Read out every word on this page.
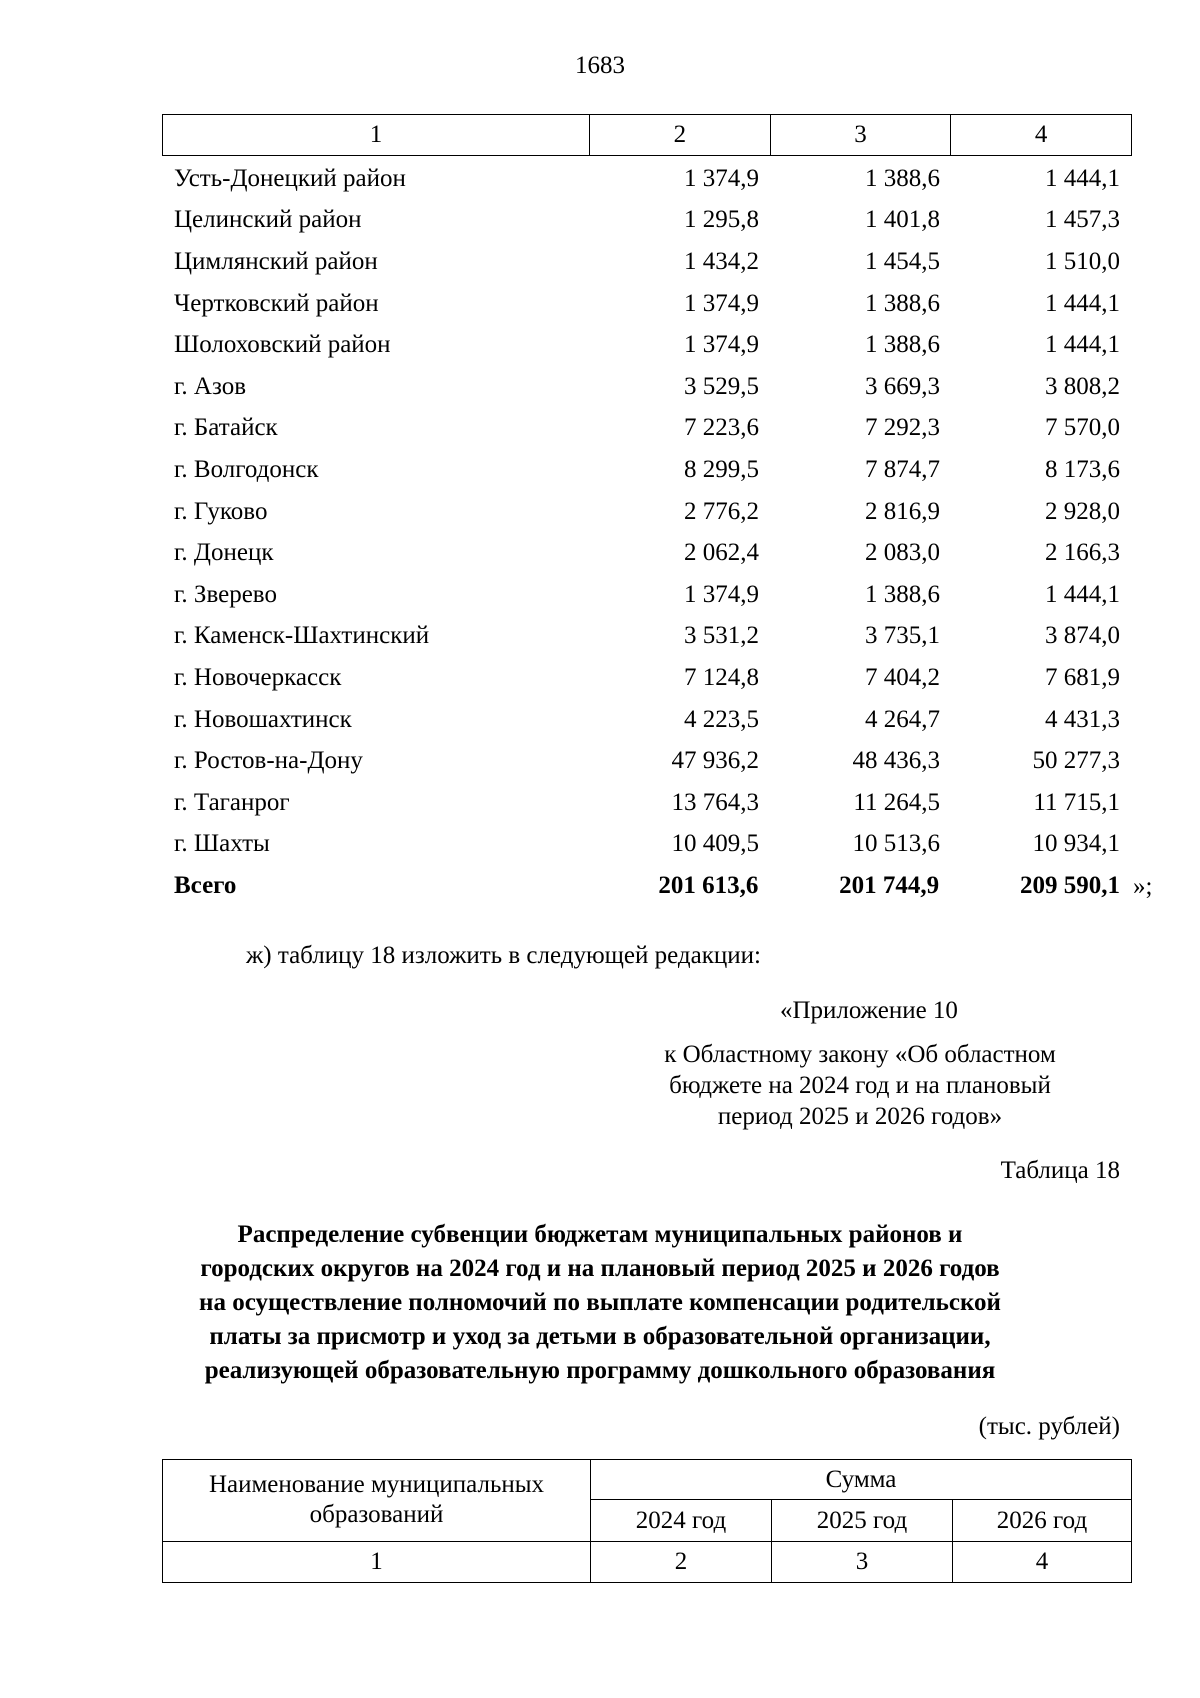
1683
1	2	3	4
Усть-Донецкий район	1 374,9	1 388,6	1 444,1
Целинский район	1 295,8	1 401,8	1 457,3
Цимлянский район	1 434,2	1 454,5	1 510,0
Чертковский район	1 374,9	1 388,6	1 444,1
Шолоховский район	1 374,9	1 388,6	1 444,1
г. Азов	3 529,5	3 669,3	3 808,2
г. Батайск	7 223,6	7 292,3	7 570,0
г. Волгодонск	8 299,5	7 874,7	8 173,6
г. Гуково	2 776,2	2 816,9	2 928,0
г. Донецк	2 062,4	2 083,0	2 166,3
г. Зверево	1 374,9	1 388,6	1 444,1
г. Каменск-Шахтинский	3 531,2	3 735,1	3 874,0
г. Новочеркасск	7 124,8	7 404,2	7 681,9
г. Новошахтинск	4 223,5	4 264,7	4 431,3
г. Ростов-на-Дону	47 936,2	48 436,3	50 277,3
г. Таганрог	13 764,3	11 264,5	11 715,1
г. Шахты	10 409,5	10 513,6	10 934,1
Всего	201 613,6	201 744,9	209 590,1 »;
ж) таблицу 18 изложить в следующей редакции:
«Приложение 10
к Областному закону «Об областном
бюджете на 2024 год и на плановый
период 2025 и 2026 годов»
Таблица 18
Распределение субвенции бюджетам муниципальных районов и
городских округов на 2024 год и на плановый период 2025 и 2026 годов
на осуществление полномочий по выплате компенсации родительской
платы за присмотр и уход за детьми в образовательной организации,
реализующей образовательную программу дошкольного образования
(тыс. рублей)
Наименование муниципальных
образований
Сумма
2024 год	2025 год	2026 год
1	2	3	4
